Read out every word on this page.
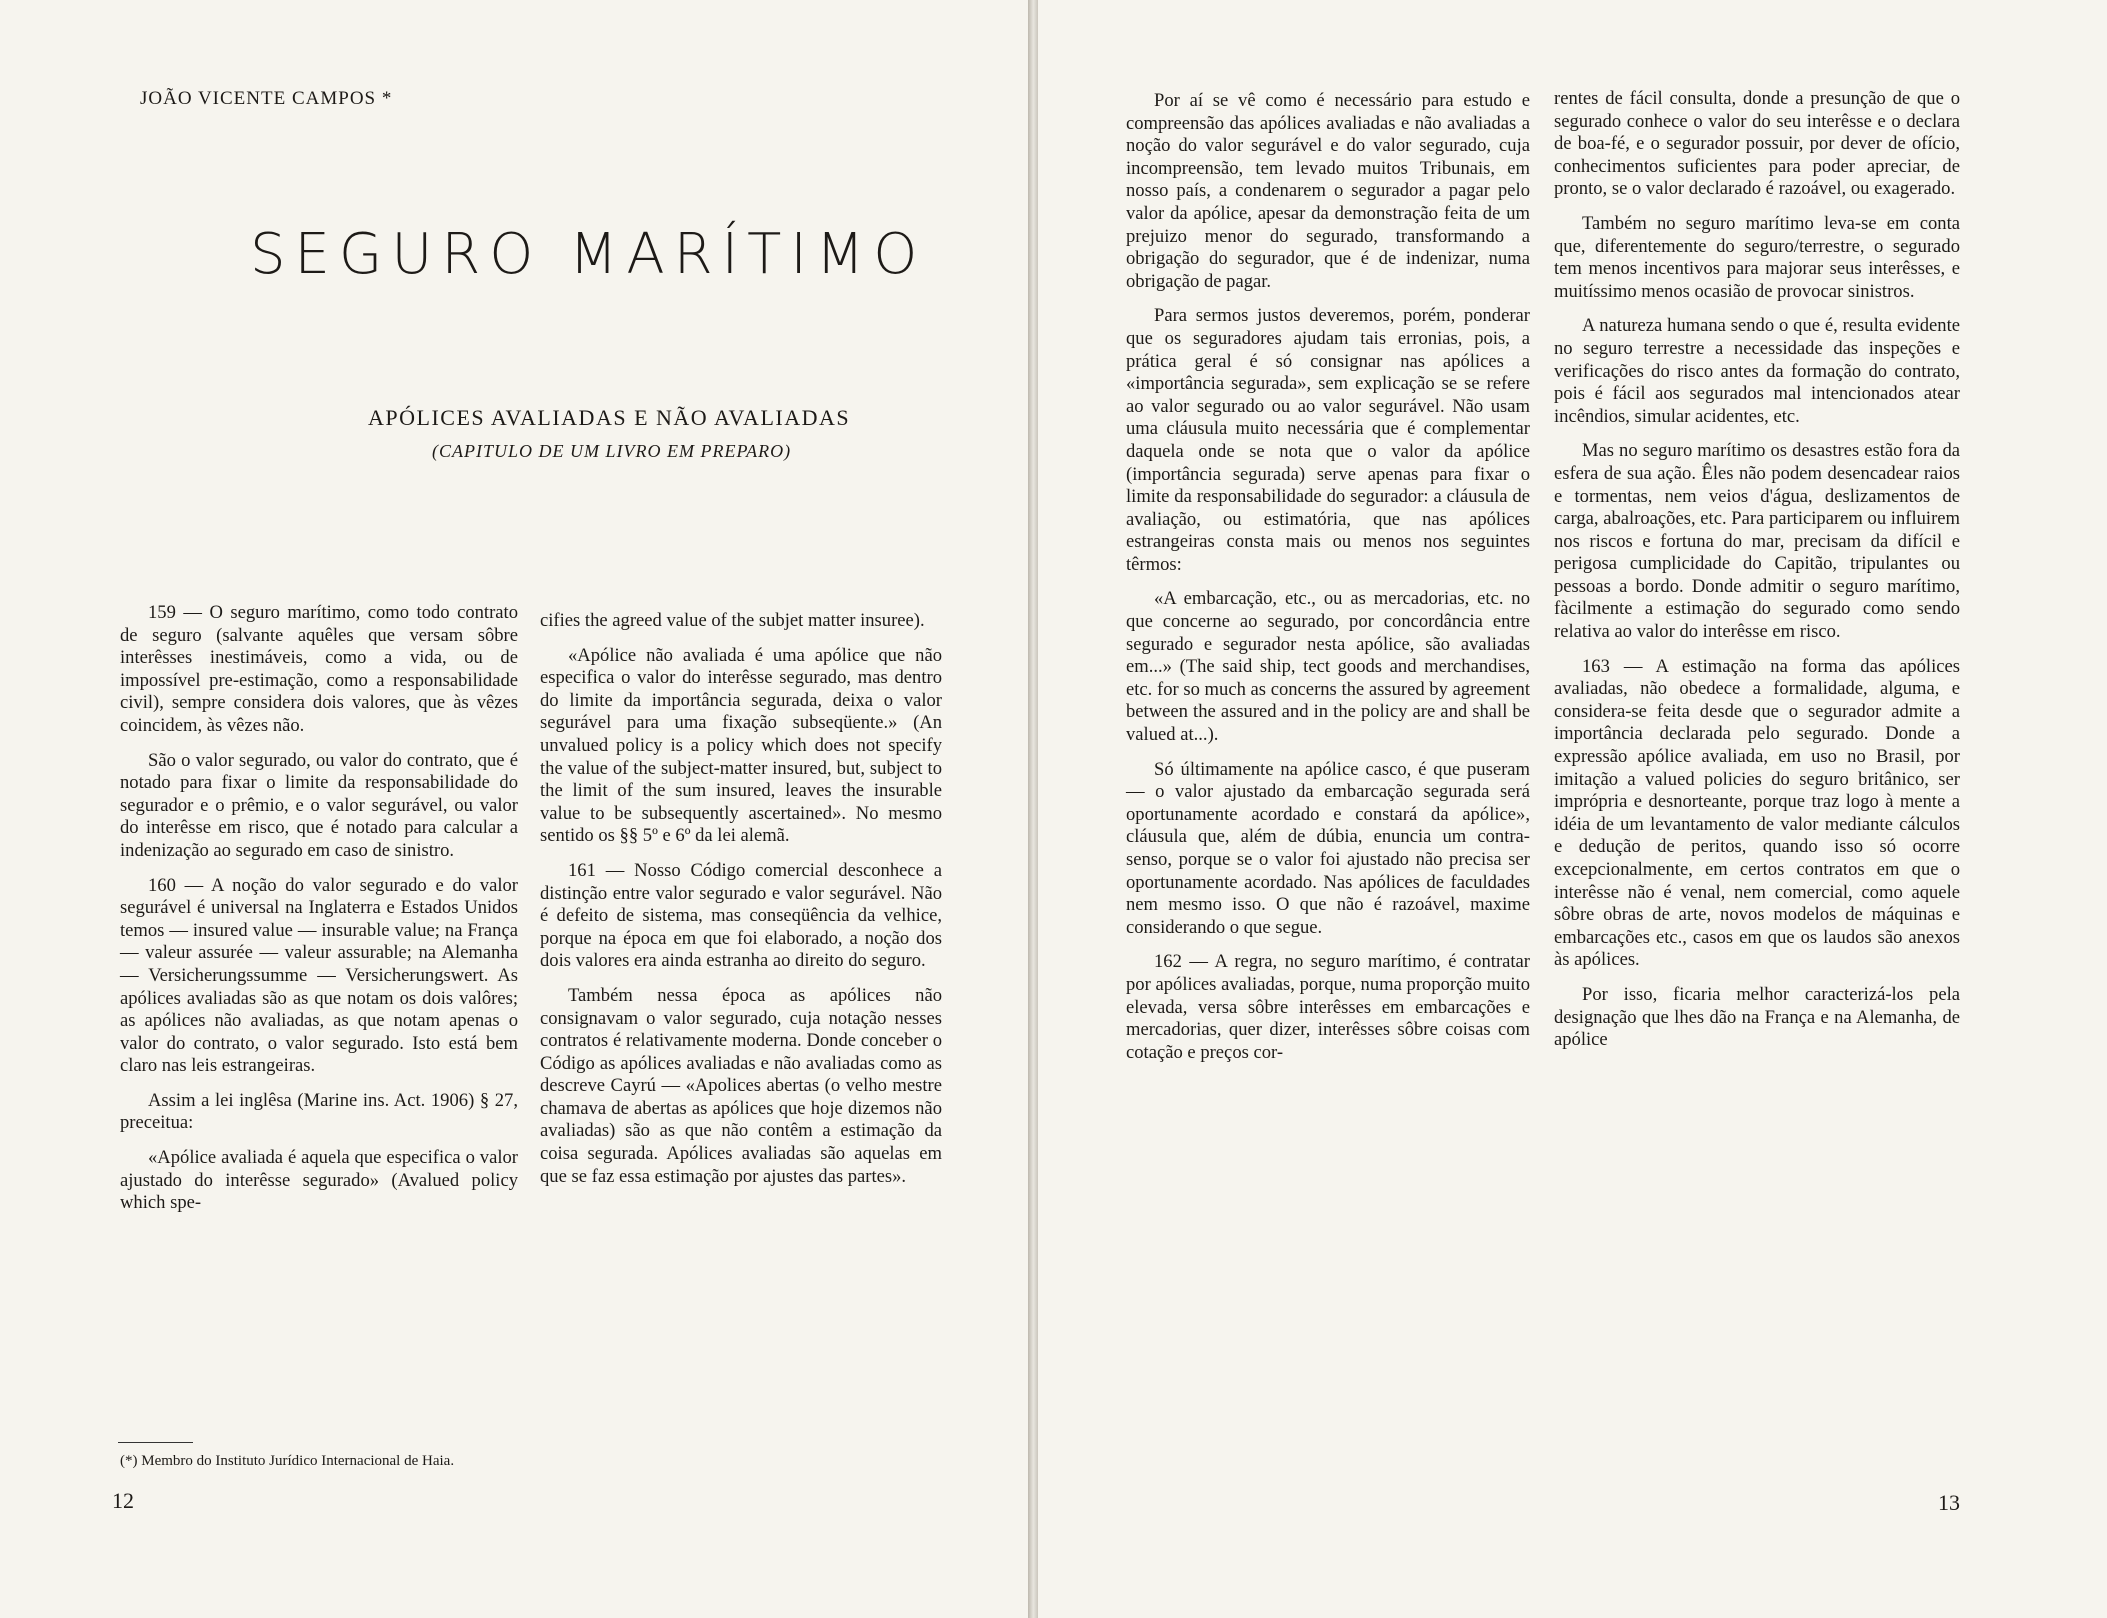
JOÃO VICENTE CAMPOS *
SEGURO MARÍTIMO
APÓLICES AVALIADAS E NÃO AVALIADAS
(CAPITULO DE UM LIVRO EM PREPARO)

159 — O seguro marítimo, como todo contrato de seguro (salvante aquêles que versam sôbre interêsses inestimáveis, como a vida, ou de impossível pre-estimação, como a responsabilidade civil), sempre considera dois valores, que às vêzes coincidem, às vêzes não.

São o valor segurado, ou valor do contrato, que é notado para fixar o limite da responsabilidade do segurador e o prêmio, e o valor segurável, ou valor do interêsse em risco, que é notado para calcular a indenização ao segurado em caso de sinistro.

160 — A noção do valor segurado e do valor segurável é universal na Inglaterra e Estados Unidos temos — insured value — insurable value; na França — valeur assurée — valeur assurable; na Alemanha — Versicherungssumme — Versicherungswert. As apólices avaliadas são as que notam os dois valôres; as apólices não avaliadas, as que notam apenas o valor do contrato, o valor segurado. Isto está bem claro nas leis estrangeiras.

Assim a lei inglêsa (Marine ins. Act. 1906) § 27, preceitua:

«Apólice avaliada é aquela que especifica o valor ajustado do interêsse segurado» (Avalued policy which spe-

(*) Membro do Instituto Jurídico Internacional de Haia.

cifies the agreed value of the subjet matter insuree).

«Apólice não avaliada é uma apólice que não especifica o valor do interêsse segurado, mas dentro do limite da importância segurada, deixa o valor segurável para uma fixação subseqüente.» (An unvalued policy is a policy which does not specify the value of the subject-matter insured, but, subject to the limit of the sum insured, leaves the insurable value to be subsequently ascertained». No mesmo sentido os §§ 5º e 6º da lei alemã.

161 — Nosso Código comercial desconhece a distinção entre valor segurado e valor segurável. Não é defeito de sistema, mas conseqüência da velhice, porque na época em que foi elaborado, a noção dos dois valores era ainda estranha ao direito do seguro.

Também nessa época as apólices não consignavam o valor segurado, cuja notação nesses contratos é relativamente moderna. Donde conceber o Código as apólices avaliadas e não avaliadas como as descreve Cayrú — «Apolices abertas (o velho mestre chamava de abertas as apólices que hoje dizemos não avaliadas) são as que não contêm a estimação da coisa segurada. Apólices avaliadas são aquelas em que se faz essa estimação por ajustes das partes».

12

Por aí se vê como é necessário para estudo e compreensão das apólices avaliadas e não avaliadas a noção do valor segurável e do valor segurado, cuja incompreensão, tem levado muitos Tribunais, em nosso país, a condenarem o segurador a pagar pelo valor da apólice, apesar da demonstração feita de um prejuizo menor do segurado, transformando a obrigação do segurador, que é de indenizar, numa obrigação de pagar.

Para sermos justos deveremos, porém, ponderar que os seguradores ajudam tais erronias, pois, a prática geral é só consignar nas apólices a «importância segurada», sem explicação se se refere ao valor segurado ou ao valor segurável. Não usam uma cláusula muito necessária que é complementar daquela onde se nota que o valor da apólice (importância segurada) serve apenas para fixar o limite da responsabilidade do segurador: a cláusula de avaliação, ou estimatória, que nas apólices estrangeiras consta mais ou menos nos seguintes têrmos:

«A embarcação, etc., ou as mercadorias, etc. no que concerne ao segurado, por concordância entre segurado e segurador nesta apólice, são avaliadas em...» (The said ship, tect goods and merchandises, etc. for so much as concerns the assured by agreement between the assured and in the policy are and shall be valued at...).

Só últimamente na apólice casco, é que puseram — o valor ajustado da embarcação segurada será oportunamente acordado e constará da apólice», cláusula que, além de dúbia, enuncia um contra-senso, porque se o valor foi ajustado não precisa ser oportunamente acordado. Nas apólices de faculdades nem mesmo isso. O que não é razoável, maxime considerando o que segue.

162 — A regra, no seguro marítimo, é contratar por apólices avaliadas, porque, numa proporção muito elevada, versa sôbre interêsses em embarcações e mercadorias, quer dizer, interêsses sôbre coisas com cotação e preços cor-

rentes de fácil consulta, donde a presunção de que o segurado conhece o valor do seu interêsse e o declara de boa-fé, e o segurador possuir, por dever de ofício, conhecimentos suficientes para poder apreciar, de pronto, se o valor declarado é razoável, ou exagerado.

Também no seguro marítimo leva-se em conta que, diferentemente do seguro/terrestre, o segurado tem menos incentivos para majorar seus interêsses, e muitíssimo menos ocasião de provocar sinistros.

A natureza humana sendo o que é, resulta evidente no seguro terrestre a necessidade das inspeções e verificações do risco antes da formação do contrato, pois é fácil aos segurados mal intencionados atear incêndios, simular acidentes, etc.

Mas no seguro marítimo os desastres estão fora da esfera de sua ação. Êles não podem desencadear raios e tormentas, nem veios d'água, deslizamentos de carga, abalroações, etc. Para participarem ou influirem nos riscos e fortuna do mar, precisam da difícil e perigosa cumplicidade do Capitão, tripulantes ou pessoas a bordo. Donde admitir o seguro marítimo, fàcilmente a estimação do segurado como sendo relativa ao valor do interêsse em risco.

163 — A estimação na forma das apólices avaliadas, não obedece a formalidade, alguma, e considera-se feita desde que o segurador admite a importância declarada pelo segurado. Donde a expressão apólice avaliada, em uso no Brasil, por imitação a valued policies do seguro britânico, ser imprópria e desnorteante, porque traz logo à mente a idéia de um levantamento de valor mediante cálculos e dedução de peritos, quando isso só ocorre excepcionalmente, em certos contratos em que o interêsse não é venal, nem comercial, como aquele sôbre obras de arte, novos modelos de máquinas e embarcações etc., casos em que os laudos são anexos às apólices.

Por isso, ficaria melhor caracterizá-los pela designação que lhes dão na França e na Alemanha, de apólice

13
